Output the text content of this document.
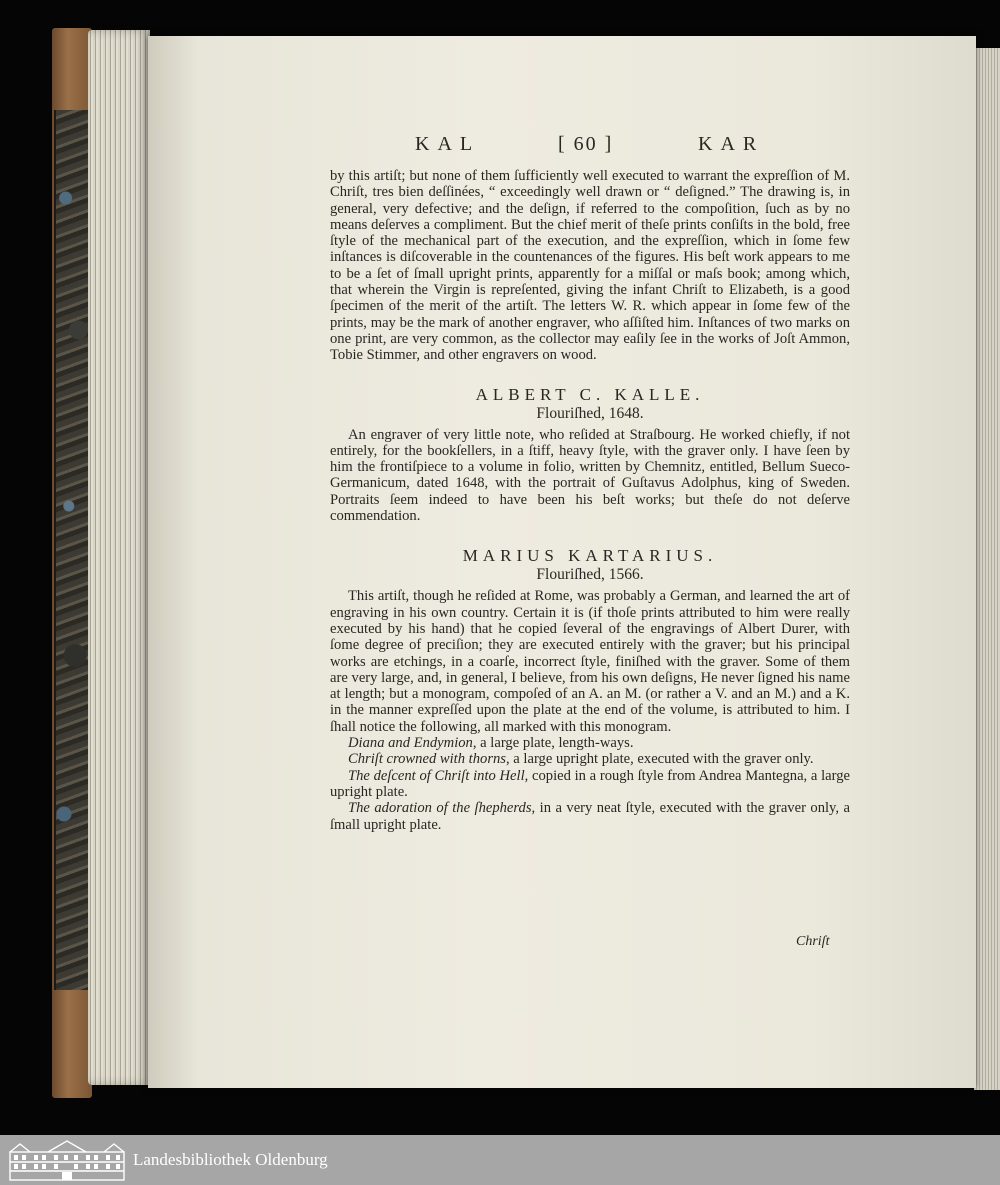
KAL	[ 60 ]	KAR

by this artiſt; but none of them ſufficiently well executed to warrant the expreſſion of M. Chriſt, tres bien deſſinées, “ exceedingly well drawn or “ deſigned.” The drawing is, in general, very defective; and the deſign, if referred to the compoſition, ſuch as by no means deſerves a compliment. But the chief merit of theſe prints conſiſts in the bold, free ſtyle of the mechanical part of the execution, and the expreſſion, which in ſome few inſtances is diſcoverable in the countenances of the figures. His beſt work appears to me to be a ſet of ſmall upright prints, apparently for a miſſal or maſs book; among which, that wherein the Virgin is repreſented, giving the infant Chriſt to Elizabeth, is a good ſpecimen of the merit of the artiſt. The letters W. R. which appear in ſome few of the prints, may be the mark of another engraver, who aſſiſted him. Inſtances of two marks on one print, are very common, as the collector may eaſily ſee in the works of Joſt Ammon, Tobie Stimmer, and other engravers on wood.

ALBERT C. KALLE.

Flouriſhed, 1648.

An engraver of very little note, who reſided at Straſbourg. He worked chiefly, if not entirely, for the bookſellers, in a ſtiff, heavy ſtyle, with the graver only. I have ſeen by him the frontiſpiece to a volume in folio, written by Chemnitz, entitled, Bellum Sueco-Germanicum, dated 1648, with the portrait of Guſtavus Adolphus, king of Sweden. Portraits ſeem indeed to have been his beſt works; but theſe do not deſerve commendation.

MARIUS KARTARIUS.

Flouriſhed, 1566.

This artiſt, though he reſided at Rome, was probably a German, and learned the art of engraving in his own country. Certain it is (if thoſe prints attributed to him were really executed by his hand) that he copied ſeveral of the engravings of Albert Durer, with ſome degree of preciſion; they are executed entirely with the graver; but his principal works are etchings, in a coarſe, incorrect ſtyle, finiſhed with the graver. Some of them are very large, and, in general, I believe, from his own deſigns, He never ſigned his name at length; but a monogram, compoſed of an A. an M. (or rather a V. and an M.) and a K. in the manner expreſſed upon the plate at the end of the volume, is attributed to him. I ſhall notice the following, all marked with this monogram.

Diana and Endymion, a large plate, length-ways.

Chriſt crowned with thorns, a large upright plate, executed with the graver only.

The deſcent of Chriſt into Hell, copied in a rough ſtyle from Andrea Mantegna, a large upright plate.

The adoration of the ſhepherds, in a very neat ſtyle, executed with the graver only, a ſmall upright plate.

Chriſt
Landesbibliothek Oldenburg
